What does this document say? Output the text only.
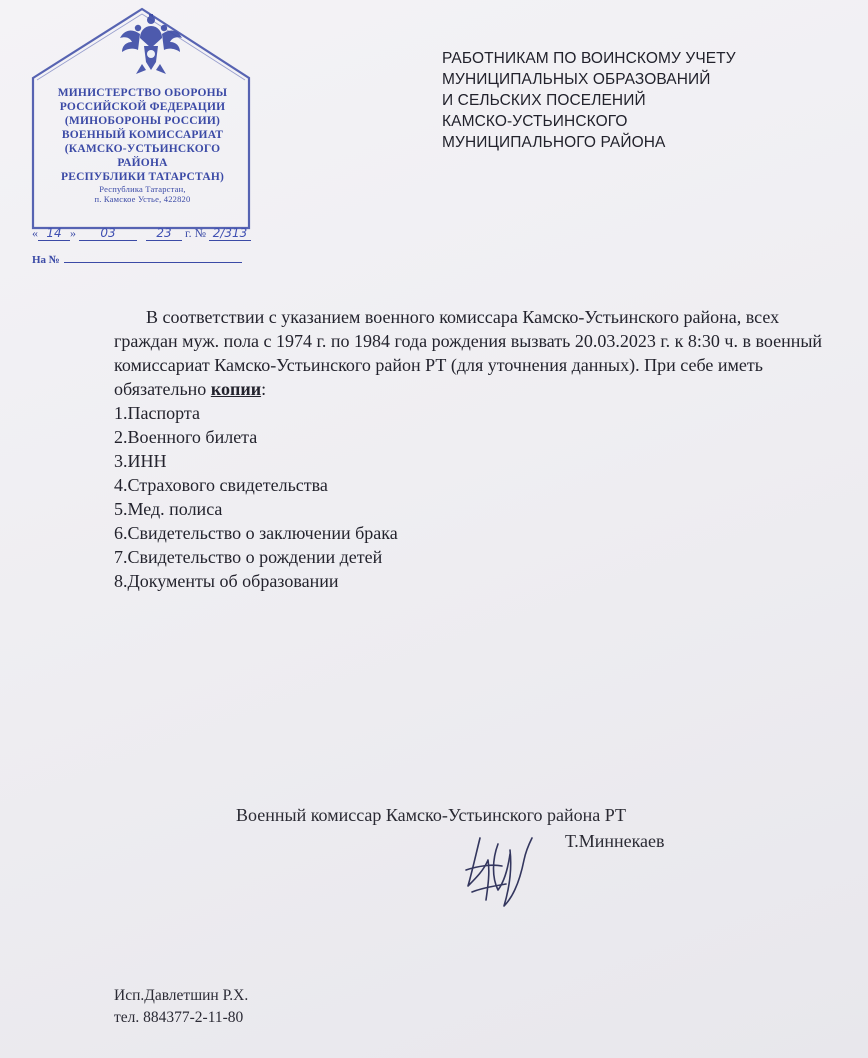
МИНИСТЕРСТВО ОБОРОНЫ
РОССИЙСКОЙ ФЕДЕРАЦИИ
(МИНОБОРОНЫ РОССИИ)
ВОЕННЫЙ КОМИССАРИАТ
(КАМСКО-УСТЬИНСКОГО
РАЙОНА
РЕСПУБЛИКИ ТАТАРСТАН)
Республика Татарстан,
п. Камское Устье, 422820
« 14 » 03	23 г. № 2/313
На №
РАБОТНИКАМ ПО ВОИНСКОМУ УЧЕТУ
МУНИЦИПАЛЬНЫХ ОБРАЗОВАНИЙ
И СЕЛЬСКИХ ПОСЕЛЕНИЙ
КАМСКО-УСТЬИНСКОГО
МУНИЦИПАЛЬНОГО РАЙОНА

В соответствии с указанием военного комиссара Камско-Устьинского района, всех граждан муж. пола с 1974 г. по 1984 года рождения вызвать 20.03.2023 г. к 8:30 ч. в военный комиссариат Камско-Устьинского район РТ (для уточнения данных). При себе иметь обязательно копии:

1.Паспорта
2.Военного билета
3.ИНН
4.Страхового свидетельства
5.Мед. полиса
6.Свидетельство о заключении брака
7.Свидетельство о рождении детей
8.Документы об образовании
Военный комиссар Камско-Устьинского района РТ
Т.Миннекаев
Исп.Давлетшин Р.Х.
тел. 884377-2-11-80
